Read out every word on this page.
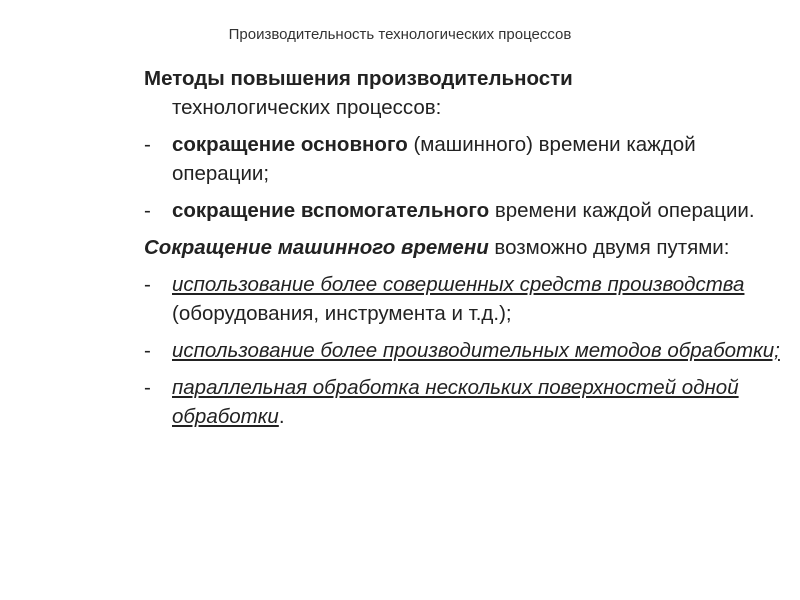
Производительность технологических процессов

Методы повышения производительности
технологических процессов:

-	сокращение основного (машинного) времени каждой операции;
-	сокращение вспомогательного времени каждой операции.

Сокращение машинного времени возможно двумя путями:

-	использование более совершенных средств производства (оборудования, инструмента и т.д.);
-	использование более производительных методов обработки;
-	параллельная обработка нескольких поверхностей одной обработки.
